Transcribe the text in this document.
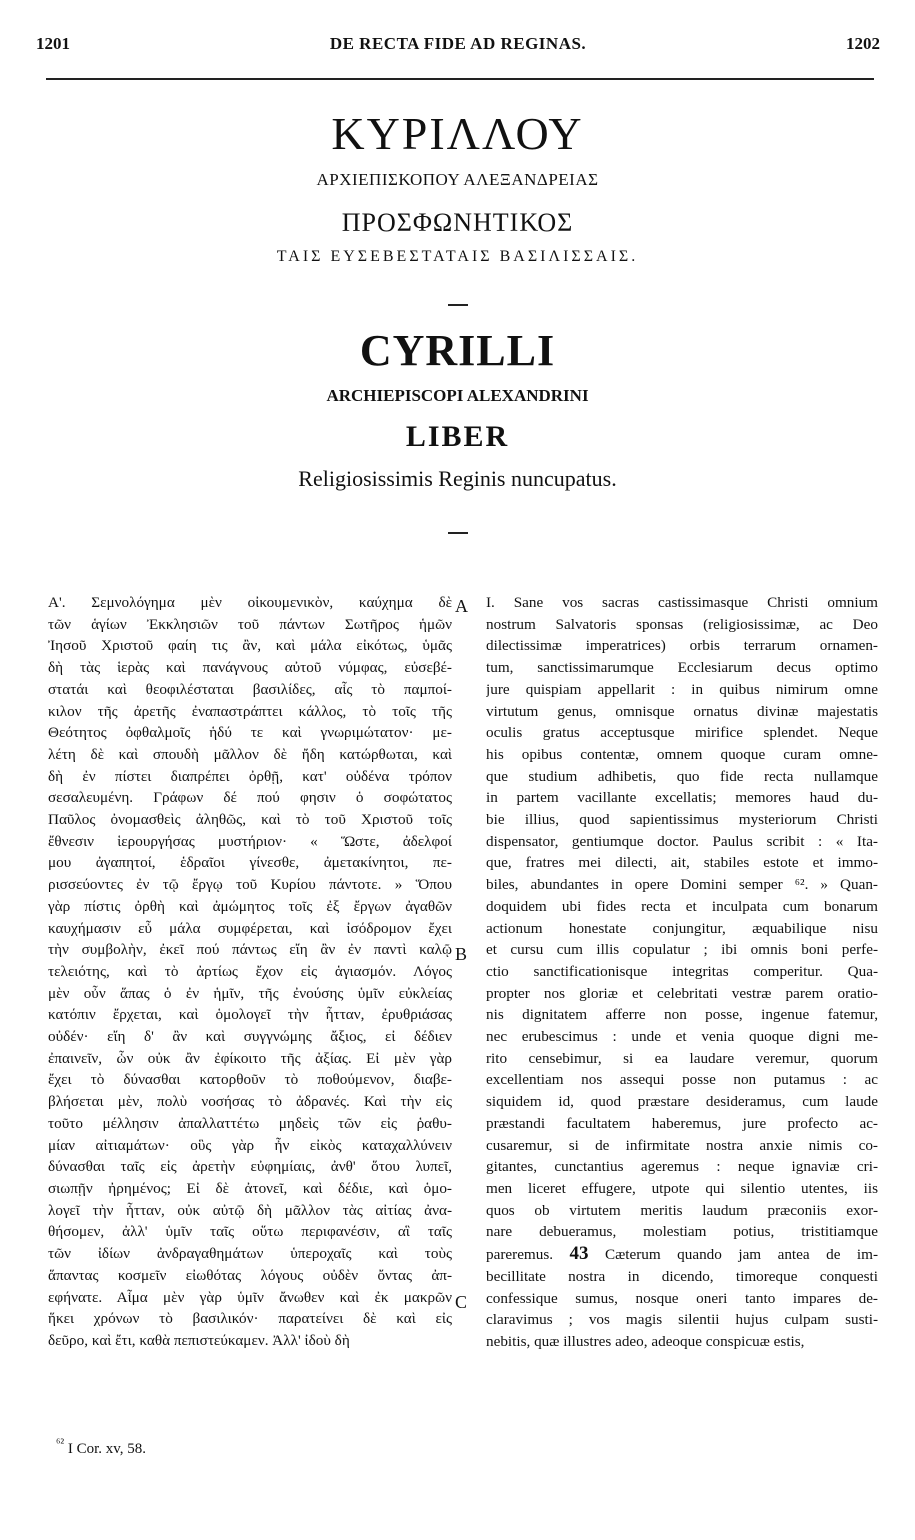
1201	DE RECTA FIDE AD REGINAS.	1202
ΚΥΡΙΛΛΟΥ
ΑΡΧΙΕΠΙΣΚΟΠΟΥ ΑΛΕΞΑΝΔΡΕΙΑΣ
ΠΡΟΣΦΩΝΗΤΙΚΟΣ
ΤΑΙΣ ΕΥΣΕΒΕΣΤΑΤΑΙΣ ΒΑΣΙΛΙΣΣΑΙΣ.
CYRILLI
ARCHIEPISCOPI ALEXANDRINI
LIBER
Religiosissimis Reginis nuncupatus.
Α'. Σεμνολόγημα μὲν οἰκουμενικὸν, καύχημα δὲ
τῶν ἁγίων Ἐκκλησιῶν τοῦ πάντων Σωτῆρος ἡμῶν
Ἰησοῦ Χριστοῦ φαίη τις ἂν, καὶ μάλα εἰκότως, ὑμᾶς
δὴ τὰς ἱερὰς καὶ πανάγνους αὐτοῦ νύμφας, εὐσεβέ-
στατάι καὶ θεοφιλέσταται βασιλίδες, αἷς τὸ παμποί-
κιλον τῆς ἀρετῆς ἐναπαστράπτει κάλλος, τὸ τοῖς τῆς
Θεότητος ὀφθαλμοῖς ἡδύ τε καὶ γνωριμώτατον· με-
λέτη δὲ καὶ σπουδὴ μᾶλλον δὲ ἤδη κατώρθωται, καὶ
δὴ ἐν πίστει διαπρέπει ὀρθῇ, κατ' οὐδένα τρόπον
σεσαλευμένη. Γράφων δέ πού φησιν ὁ σοφώτατος
Παῦλος ὀνομασθεὶς ἀληθῶς, καὶ τὸ τοῦ Χριστοῦ τοῖς
ἔθνεσιν ἱερουργήσας μυστήριον· « Ὥστε, ἀδελφοί
μου ἀγαπητοί, ἑδραῖοι γίνεσθε, ἀμετακίνητοι, πε-
ρισσεύοντες ἐν τῷ ἔργῳ τοῦ Κυρίου πάντοτε. » Ὅπου
γὰρ πίστις ὀρθὴ καὶ ἀμώμητος τοῖς ἐξ ἔργων ἀγαθῶν
καυχήμασιν εὖ μάλα συμφέρεται, καὶ ἰσόδρομον ἔχει
τὴν συμβολὴν, ἐκεῖ πού πάντως εἴη ἂν ἐν παντὶ καλῷ
τελειότης, καὶ τὸ ἀρτίως ἔχον εἰς ἁγιασμόν. Λόγος
μὲν οὖν ἅπας ὁ ἐν ἡμῖν, τῆς ἐνούσης ὑμῖν εὐκλείας
κατόπιν ἔρχεται, καὶ ὁμολογεῖ τὴν ἧτταν, ἐρυθριάσας
οὐδέν· εἴη δ' ἂν καὶ συγγνώμης ἄξιος, εἰ δέδιεν
ἐπαινεῖν, ὧν οὐκ ἂν ἐφίκοιτο τῆς ἀξίας. Εἰ μὲν γὰρ
ἔχει τὸ δύνασθαι κατορθοῦν τὸ ποθούμενον, διαβε-
βλήσεται μὲν, πολὺ νοσήσας τὸ ἀδρανές. Καὶ τὴν εἰς
τοῦτο μέλλησιν ἀπαλλαττέτω μηδεὶς τῶν εἰς ῥαθυ-
μίαν αἰτιαμάτων· οὓς γὰρ ἦν εἰκὸς καταχαλλύνειν
δύνασθαι ταῖς εἰς ἀρετὴν εὐφημίαις, ἀνθ' ὅτου λυπεῖ,
σιωπῇν ἠρημένος; Εἰ δὲ ἀτονεῖ, καὶ δέδιε, καὶ ὁμο-
λογεῖ τὴν ἧτταν, οὐκ αὐτῷ δὴ μᾶλλον τὰς αἰτίας ἀνα-
θήσομεν, ἀλλ' ὑμῖν ταῖς οὕτω περιφανέσιν, αἳ ταῖς
τῶν ἰδίων ἀνδραγαθημάτων ὑπεροχαῖς καὶ τοὺς
ἅπαντας κοσμεῖν εἰωθότας λόγους οὐδὲν ὄντας ἀπ-
εφήνατε. Αἷμα μὲν γὰρ ὑμῖν ἄνωθεν καὶ ἐκ μακρῶν
ἥκει χρόνων τὸ βασιλικόν· παρατείνει δὲ καὶ εἰς
δεῦρο, καὶ ἔτι, καθὰ πεπιστεύκαμεν. Ἀλλ' ἰδοὺ δὴ
A
B
C
I. Sane vos sacras castissimasque Christi omnium
nostrum Salvatoris sponsas (religiosissimæ, ac Deo
dilectissimæ imperatrices) orbis terrarum ornamen-
tum, sanctissimarumque Ecclesiarum decus optimo
jure quispiam appellarit : in quibus nimirum omne
virtutum genus, omnisque ornatus divinæ majestatis
oculis gratus acceptusque mirifice splendet. Neque
his opibus contentæ, omnem quoque curam omne-
que studium adhibetis, quo fide recta nullamque
in partem vacillante excellatis; memores haud du-
bie illius, quod sapientissimus mysteriorum Christi
dispensator, gentiumque doctor. Paulus scribit : « Ita-
que, fratres mei dilecti, ait, stabiles estote et immo-
biles, abundantes in opere Domini semper ⁶². » Quan-
doquidem ubi fides recta et inculpata cum bonarum
actionum honestate conjungitur, æquabilique nisu
et cursu cum illis copulatur ; ibi omnis boni perfe-
ctio sanctificationisque integritas comperitur. Qua-
propter nos gloriæ et celebritati vestræ parem oratio-
nis dignitatem afferre non posse, ingenue fatemur,
nec erubescimus : unde et venia quoque digni me-
rito censebimur, si ea laudare veremur, quorum
excellentiam nos assequi posse non putamus : ac
siquidem id, quod præstare desideramus, cum laude
præstandi facultatem haberemus, jure profecto ac-
cusaremur, si de infirmitate nostra anxie nimis co-
gitantes, cunctantius ageremus : neque ignaviæ cri-
men liceret effugere, utpote qui silentio utentes, iis
quos ob virtutem meritis laudum præconiis exor-
nare debueramus, molestiam potius, tristitiamque
pareremus. 43 Cæterum quando jam antea de im-
becillitate nostra in dicendo, timoreque conquesti
confessique sumus, nosque oneri tanto impares de-
claravimus ; vos magis silentii hujus culpam susti-
nebitis, quæ illustres adeo, adeoque conspicuæ estis,
$^{^{62}}$ I Cor. xv, 58.
